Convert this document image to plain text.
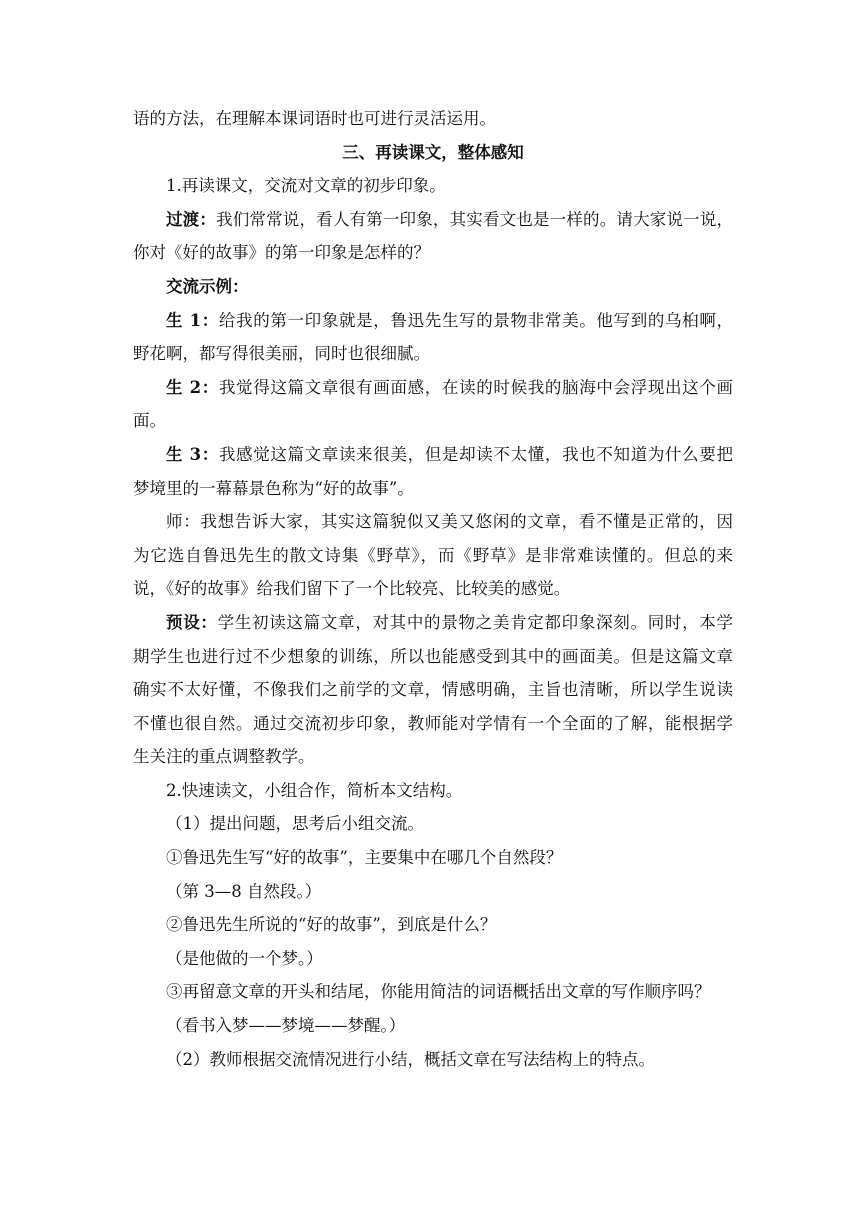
语的方法，在理解本课词语时也可进行灵活运用。

三、再读课文，整体感知

1.再读课文，交流对文章的初步印象。

过渡：我们常常说，看人有第一印象，其实看文也是一样的。请大家说一说，

你对《好的故事》的第一印象是怎样的？

交流示例：

生 1：给我的第一印象就是，鲁迅先生写的景物非常美。他写到的乌桕啊，

野花啊，都写得很美丽，同时也很细腻。

生 2：我觉得这篇文章很有画面感，在读的时候我的脑海中会浮现出这个画

面。

生 3：我感觉这篇文章读来很美，但是却读不太懂，我也不知道为什么要把

梦境里的一幕幕景色称为“好的故事”。

师：我想告诉大家，其实这篇貌似又美又悠闲的文章，看不懂是正常的，因

为它选自鲁迅先生的散文诗集《野草》，而《野草》是非常难读懂的。但总的来

说，《好的故事》给我们留下了一个比较亮、比较美的感觉。

预设：学生初读这篇文章，对其中的景物之美肯定都印象深刻。同时，本学

期学生也进行过不少想象的训练，所以也能感受到其中的画面美。但是这篇文章

确实不太好懂，不像我们之前学的文章，情感明确，主旨也清晰，所以学生说读

不懂也很自然。通过交流初步印象，教师能对学情有一个全面的了解，能根据学

生关注的重点调整教学。

2.快速读文，小组合作，简析本文结构。

（1）提出问题，思考后小组交流。

①鲁迅先生写“好的故事”，主要集中在哪几个自然段？

（第 3—8 自然段。）

②鲁迅先生所说的“好的故事”，到底是什么？

（是他做的一个梦。）

③再留意文章的开头和结尾，你能用简洁的词语概括出文章的写作顺序吗？

（看书入梦——梦境——梦醒。）

（2）教师根据交流情况进行小结，概括文章在写法结构上的特点。
